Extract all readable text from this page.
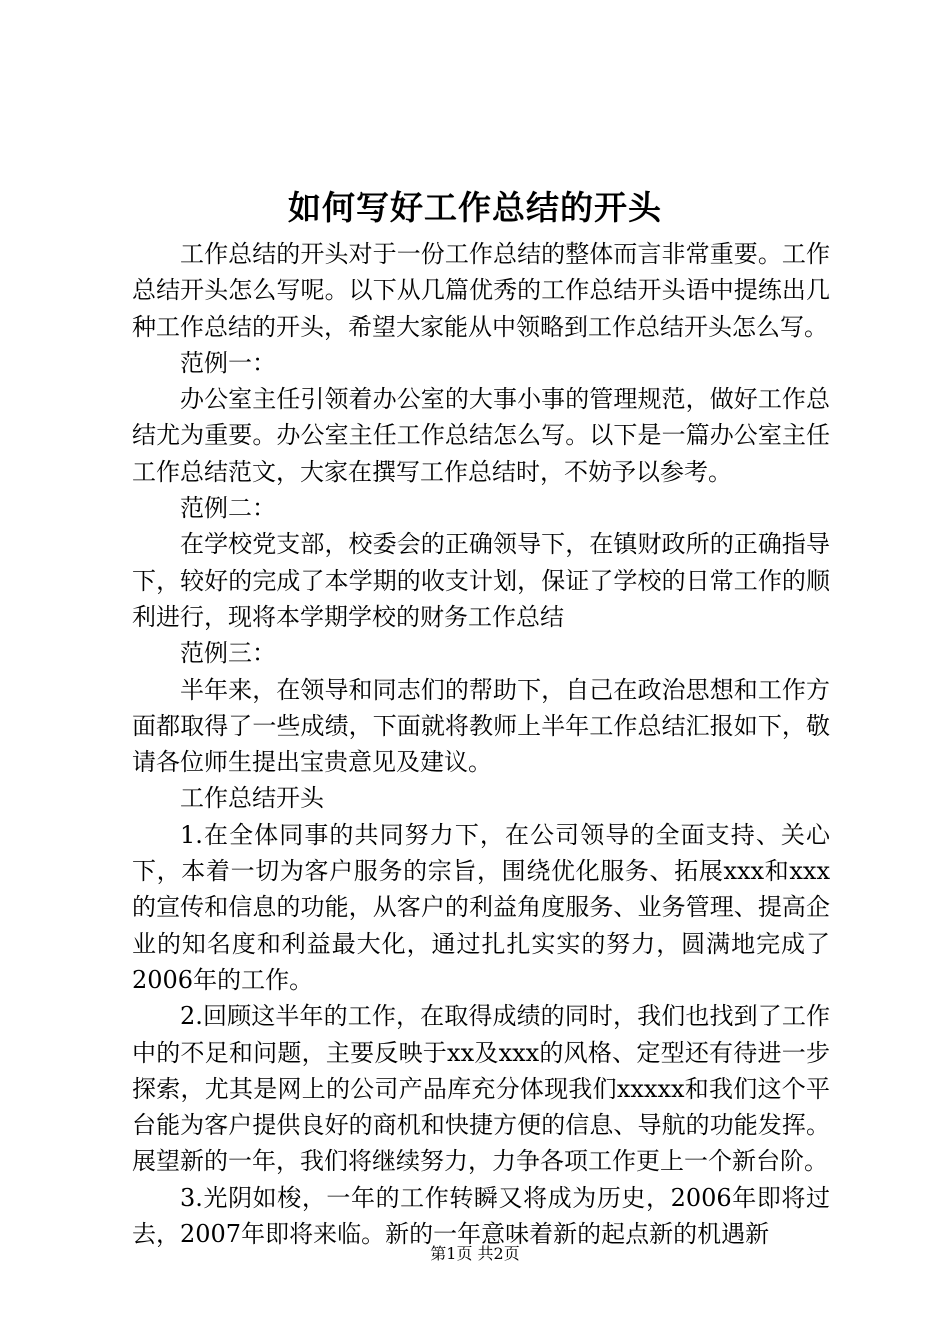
如何写好工作总结的开头

工作总结的开头对于一份工作总结的整体而言非常重要。工作总结开头怎么写呢。以下从几篇优秀的工作总结开头语中提练出几种工作总结的开头，希望大家能从中领略到工作总结开头怎么写。

范例一：

办公室主任引领着办公室的大事小事的管理规范，做好工作总结尤为重要。办公室主任工作总结怎么写。以下是一篇办公室主任工作总结范文，大家在撰写工作总结时，不妨予以参考。

范例二：

在学校党支部，校委会的正确领导下，在镇财政所的正确指导下，较好的完成了本学期的收支计划，保证了学校的日常工作的顺利进行，现将本学期学校的财务工作总结

范例三：

半年来，在领导和同志们的帮助下，自己在政治思想和工作方面都取得了一些成绩，下面就将教师上半年工作总结汇报如下，敬请各位师生提出宝贵意见及建议。

工作总结开头

1.在全体同事的共同努力下，在公司领导的全面支持、关心下，本着一切为客户服务的宗旨，围绕优化服务、拓展xxx和xxx的宣传和信息的功能，从客户的利益角度服务、业务管理、提高企业的知名度和利益最大化，通过扎扎实实的努力，圆满地完成了2006年的工作。

2.回顾这半年的工作，在取得成绩的同时，我们也找到了工作中的不足和问题，主要反映于xx及xxx的风格、定型还有待进一步探索，尤其是网上的公司产品库充分体现我们xxxxx和我们这个平台能为客户提供良好的商机和快捷方便的信息、导航的功能发挥。展望新的一年，我们将继续努力，力争各项工作更上一个新台阶。

3.光阴如梭，一年的工作转瞬又将成为历史，2006年即将过去，2007年即将来临。新的一年意味着新的起点新的机遇新

第1页 共2页
